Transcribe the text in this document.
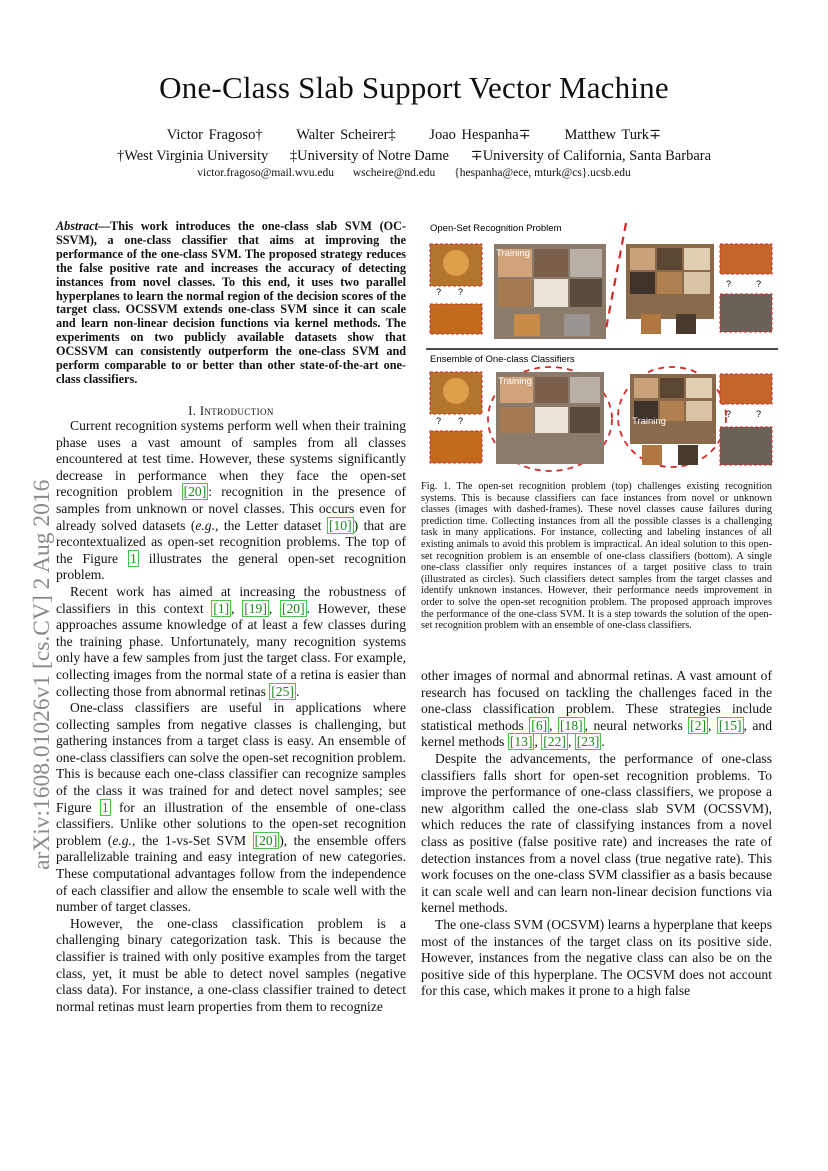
One-Class Slab Support Vector Machine
Victor Fragoso† Walter Scheirer‡ Joao Hespanha∓ Matthew Turk∓
†West Virginia University ‡University of Notre Dame ∓University of California, Santa Barbara
victor.fragoso@mail.wvu.edu wscheire@nd.edu {hespanha@ece, mturk@cs}.ucsb.edu
arXiv:1608.01026v1 [cs.CV] 2 Aug 2016
Abstract—This work introduces the one-class slab SVM (OC-SSVM), a one-class classifier that aims at improving the performance of the one-class SVM. The proposed strategy reduces the false positive rate and increases the accuracy of detecting instances from novel classes. To this end, it uses two parallel hyperplanes to learn the normal region of the decision scores of the target class. OCSSVM extends one-class SVM since it can scale and learn non-linear decision functions via kernel methods. The experiments on two publicly available datasets show that OCSSVM can consistently outperform the one-class SVM and perform comparable to or better than other state-of-the-art one-class classifiers.
I. Introduction

Current recognition systems perform well when their training phase uses a vast amount of samples from all classes encountered at test time. However, these systems significantly decrease in performance when they face the open-set recognition problem [20] : recognition in the presence of samples from unknown or novel classes. This occurs even for already solved datasets (e.g., the Letter dataset [10] ) that are recontextualized as open-set recognition problems. The top of the Figure 1 illustrates the general open-set recognition problem.

Recent work has aimed at increasing the robustness of classifiers in this context [1] , [19] , [20] . However, these approaches assume knowledge of at least a few classes during the training phase. Unfortunately, many recognition systems only have a few samples from just the target class. For example, collecting images from the normal state of a retina is easier than collecting those from abnormal retinas [25] .

One-class classifiers are useful in applications where collecting samples from negative classes is challenging, but gathering instances from a target class is easy. An ensemble of one-class classifiers can solve the open-set recognition problem. This is because each one-class classifier can recognize samples of the class it was trained for and detect novel samples; see Figure 1 for an illustration of the ensemble of one-class classifiers. Unlike other solutions to the open-set recognition problem (e.g., the 1-vs-Set SVM [20] ), the ensemble offers parallelizable training and easy integration of new categories. These computational advantages follow from the independence of each classifier and allow the ensemble to scale well with the number of target classes.

However, the one-class classification problem is a challenging binary categorization task. This is because the classifier is trained with only positive examples from the target class, yet, it must be able to detect novel samples (negative class data). For instance, a one-class classifier trained to detect normal retinas must learn properties from them to recognize

Open-Set Recognition Problem
Training
? ?
?	?
Ensemble of One-class Classifiers
Training
Training
? ?
?	?
Fig. 1. The open-set recognition problem (top) challenges existing recognition systems. This is because classifiers can face instances from novel or unknown classes (images with dashed-frames). These novel classes cause failures during prediction time. Collecting instances from all the possible classes is a challenging task in many applications. For instance, collecting and labeling instances of all existing animals to avoid this problem is impractical. An ideal solution to this open-set recognition problem is an ensemble of one-class classifiers (bottom). A single one-class classifier only requires instances of a target positive class to train (illustrated as circles). Such classifiers detect samples from the target classes and identify unknown instances. However, their performance needs improvement in order to solve the open-set recognition problem. The proposed approach improves the performance of the one-class SVM. It is a step towards the solution of the open-set recognition problem with an ensemble of one-class classifiers.

other images of normal and abnormal retinas. A vast amount of research has focused on tackling the challenges faced in the one-class classification problem. These strategies include statistical methods [6] , [18] , neural networks [2] , [15] , and kernel methods [13] , [22] , [23] .

Despite the advancements, the performance of one-class classifiers falls short for open-set recognition problems. To improve the performance of one-class classifiers, we propose a new algorithm called the one-class slab SVM (OCSSVM), which reduces the rate of classifying instances from a novel class as positive (false positive rate) and increases the rate of detection instances from a novel class (true negative rate). This work focuses on the one-class SVM classifier as a basis because it can scale well and can learn non-linear decision functions via kernel methods.

The one-class SVM (OCSVM) learns a hyperplane that keeps most of the instances of the target class on its positive side. However, instances from the negative class can also be on the positive side of this hyperplane. The OCSVM does not account for this case, which makes it prone to a high false
